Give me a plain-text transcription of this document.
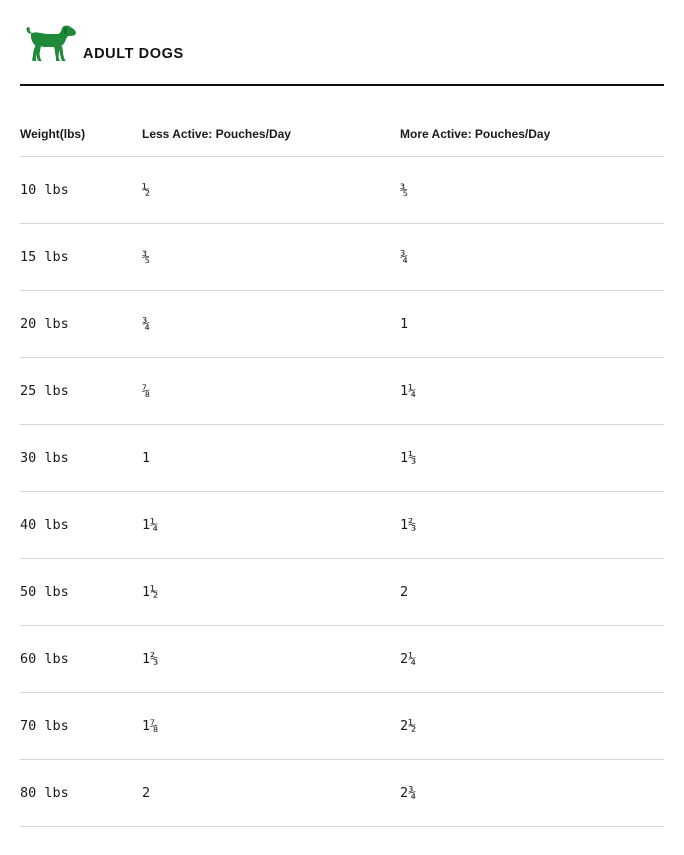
ADULT DOGS
Weight(lbs)	Less Active: Pouches/Day	More Active: Pouches/Day
10 lbs	½	⅗
15 lbs	⅗	¾
20 lbs	¾	1
25 lbs	⅞	1¼
30 lbs	1	1⅓
40 lbs	1¼	1⅔
50 lbs	1½	2
60 lbs	1⅔	2¼
70 lbs	1⅞	2½
80 lbs	2	2¾
